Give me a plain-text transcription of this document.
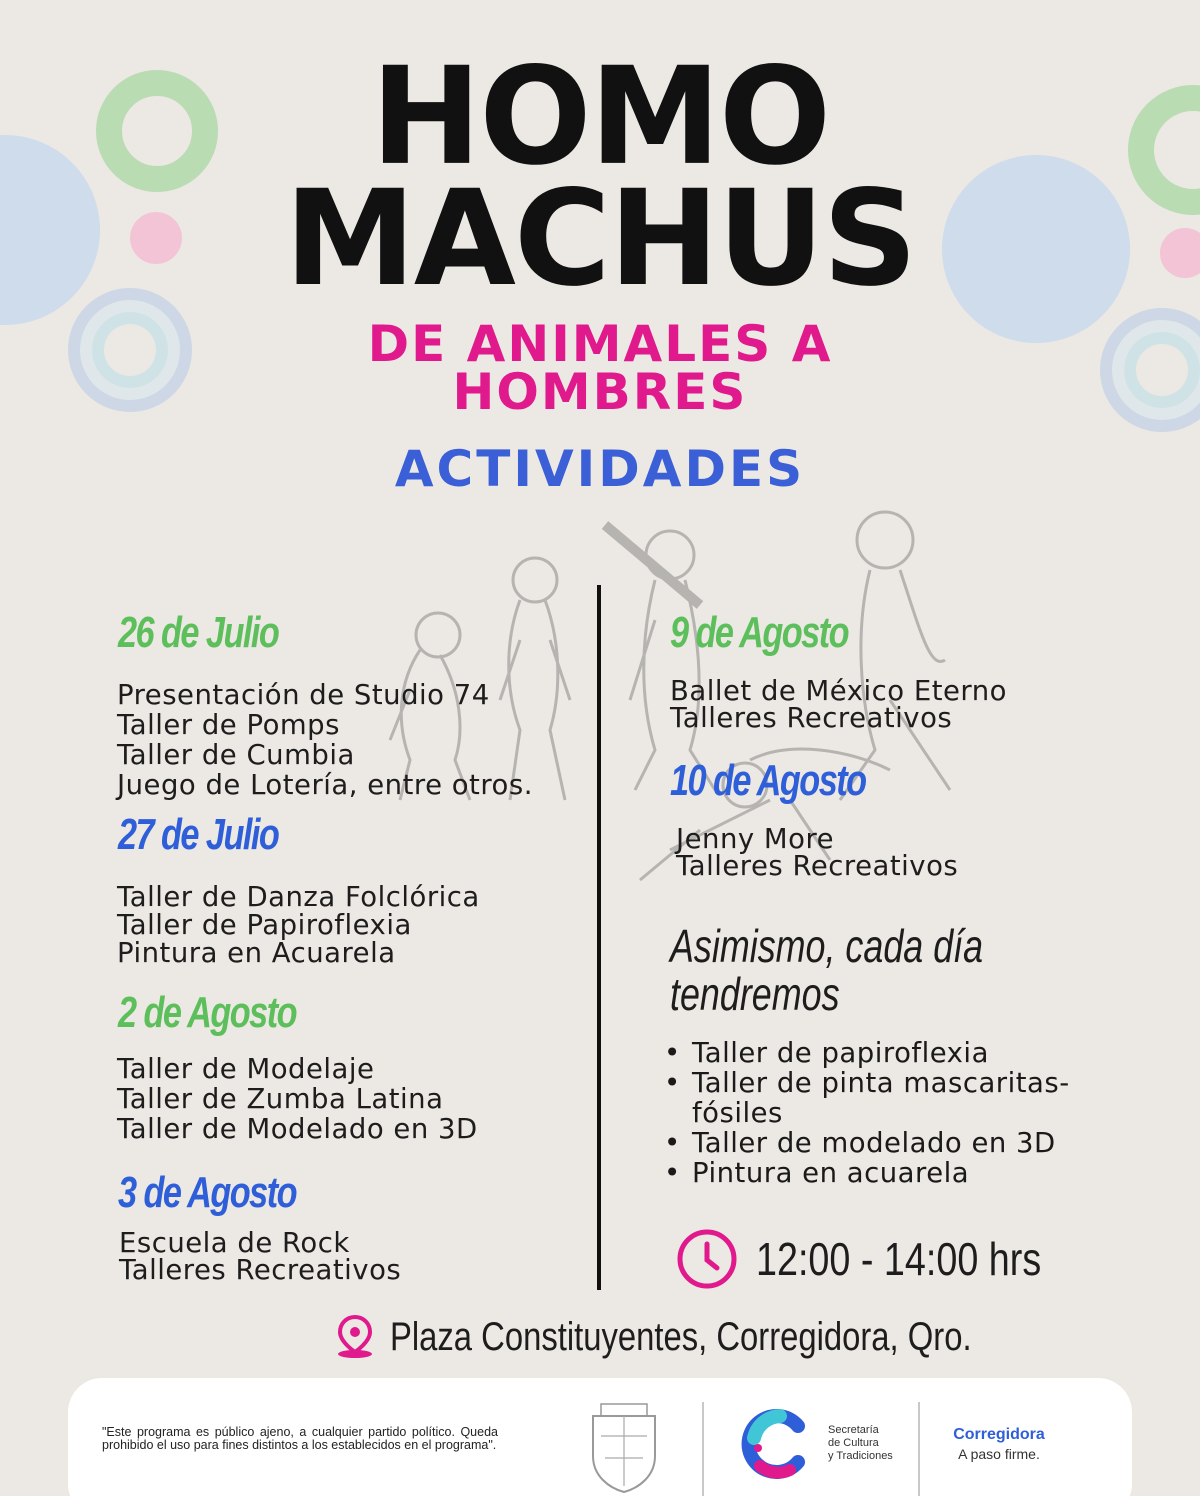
HOMO
MACHUS
DE ANIMALES A
HOMBRES
ACTIVIDADES
26 de Julio
Presentación de Studio 74
Taller de Pomps
Taller de Cumbia
Juego de Lotería, entre otros.
27 de Julio
Taller de Danza Folclórica
Taller de Papiroflexia
Pintura en Acuarela
2 de Agosto
Taller de Modelaje
Taller de Zumba Latina
Taller de Modelado en 3D
3 de Agosto
Escuela de Rock
Talleres Recreativos
9 de Agosto
Ballet de México Eterno
Talleres Recreativos
10 de Agosto
Jenny More
Talleres Recreativos
Asimismo, cada día
tendremos
• Taller de papiroflexia
• Taller de pinta mascaritas-
fósiles
• Taller de modelado en 3D
• Pintura en acuarela
12:00 - 14:00 hrs
Plaza Constituyentes, Corregidora, Qro.
"Este programa es público ajeno, a cualquier partido político. Queda prohibido el uso para fines distintos a los establecidos en el programa".
Secretaría
de Cultura
y Tradiciones
Corregidora
A paso firme.
